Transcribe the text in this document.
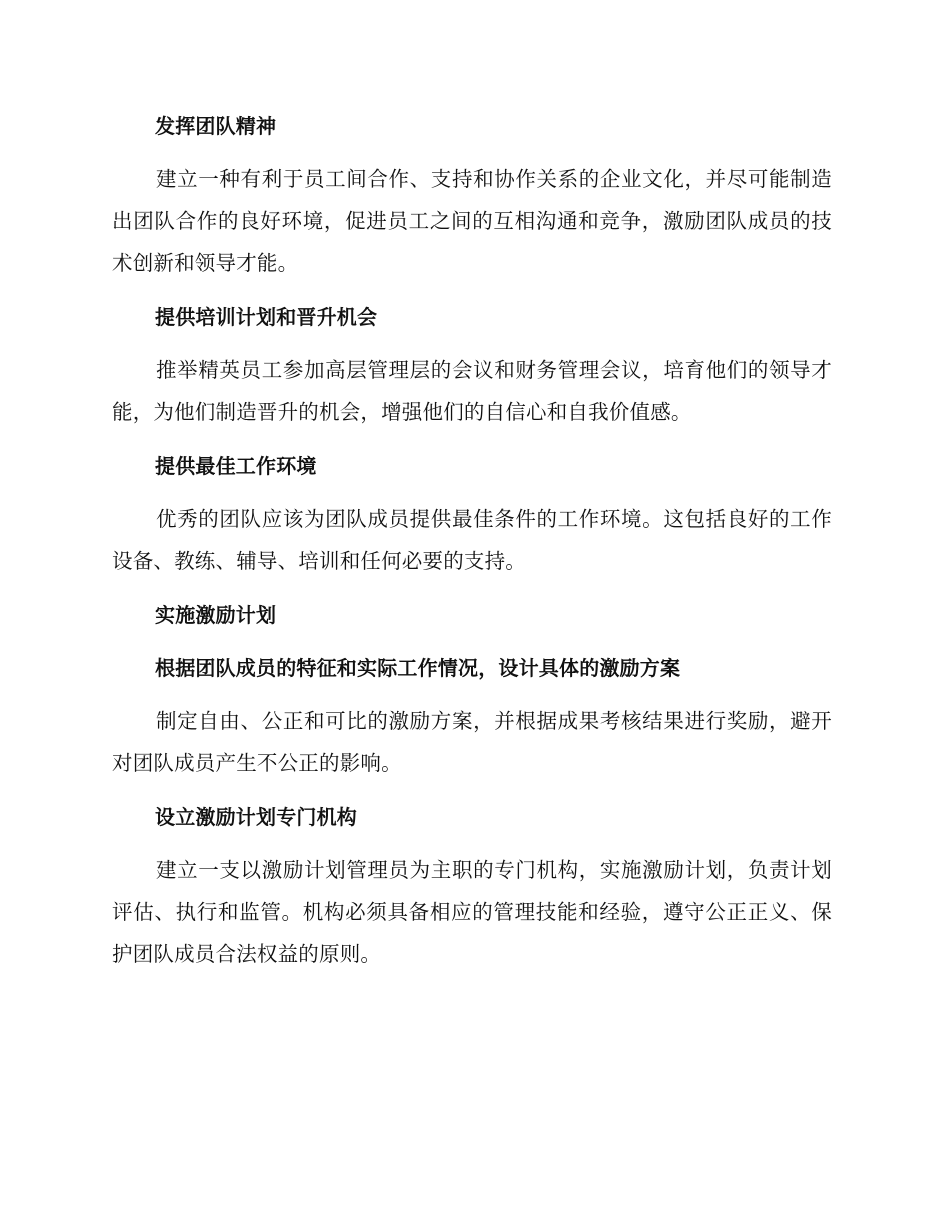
发挥团队精神

建立一种有利于员工间合作、支持和协作关系的企业文化，并尽可能制造出团队合作的良好环境，促进员工之间的互相沟通和竞争，激励团队成员的技术创新和领导才能。

提供培训计划和晋升机会

推举精英员工参加高层管理层的会议和财务管理会议，培育他们的领导才能，为他们制造晋升的机会，增强他们的自信心和自我价值感。

提供最佳工作环境

优秀的团队应该为团队成员提供最佳条件的工作环境。这包括良好的工作设备、教练、辅导、培训和任何必要的支持。

实施激励计划
根据团队成员的特征和实际工作情况，设计具体的激励方案

制定自由、公正和可比的激励方案，并根据成果考核结果进行奖励，避开对团队成员产生不公正的影响。

设立激励计划专门机构

建立一支以激励计划管理员为主职的专门机构，实施激励计划，负责计划评估、执行和监管。机构必须具备相应的管理技能和经验，遵守公正正义、保护团队成员合法权益的原则。
